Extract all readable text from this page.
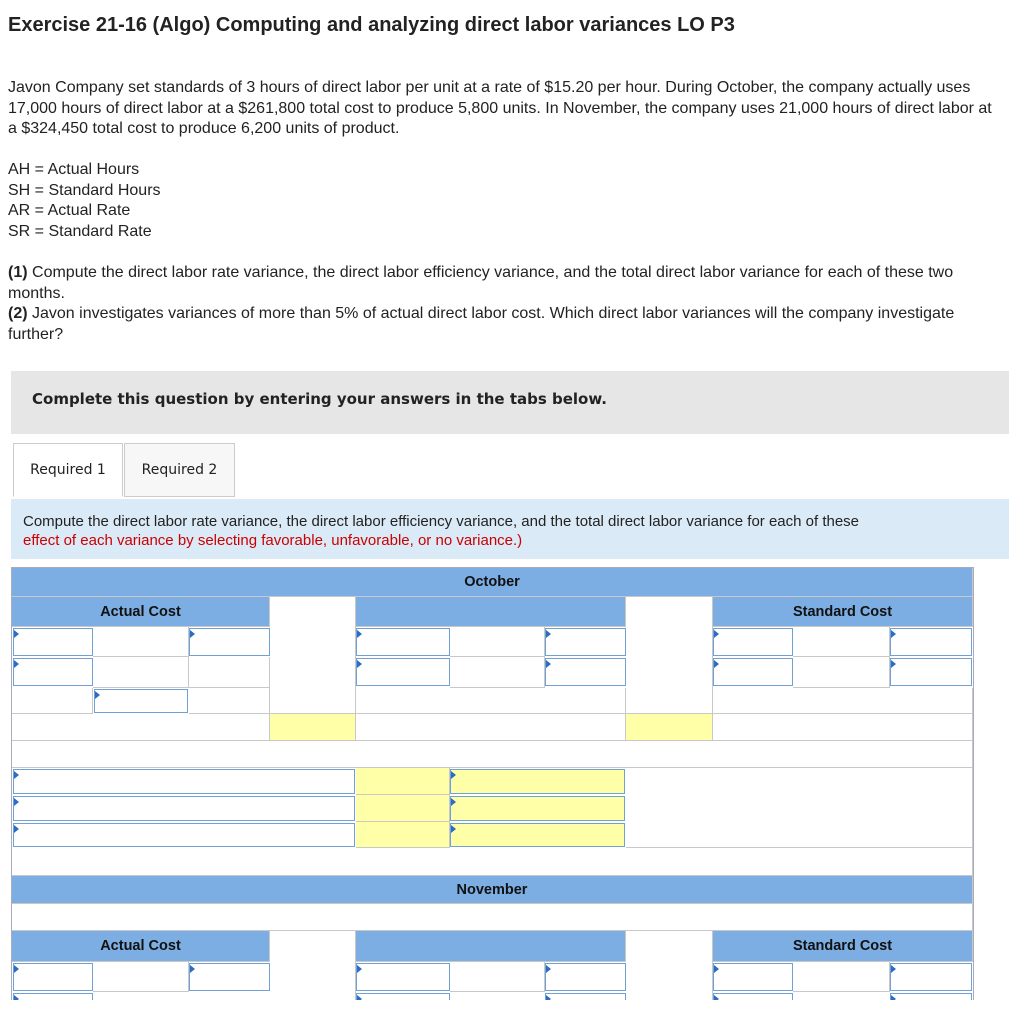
Exercise 21-16 (Algo) Computing and analyzing direct labor variances LO P3
Javon Company set standards of 3 hours of direct labor per unit at a rate of $15.20 per hour. During October, the company actually uses 17,000 hours of direct labor at a $261,800 total cost to produce 5,800 units. In November, the company uses 21,000 hours of direct labor at a $324,450 total cost to produce 6,200 units of product.
AH = Actual Hours
SH = Standard Hours
AR = Actual Rate
SR = Standard Rate
(1) Compute the direct labor rate variance, the direct labor efficiency variance, and the total direct labor variance for each of these two months.
(2) Javon investigates variances of more than 5% of actual direct labor cost. Which direct labor variances will the company investigate further?
Complete this question by entering your answers in the tabs below.
Required 1	Required 2
Compute the direct labor rate variance, the direct labor efficiency variance, and the total direct labor variance for each of these
effect of each variance by selecting favorable, unfavorable, or no variance.)
October
Actual Cost	Standard Cost
November
Actual Cost	Standard Cost
